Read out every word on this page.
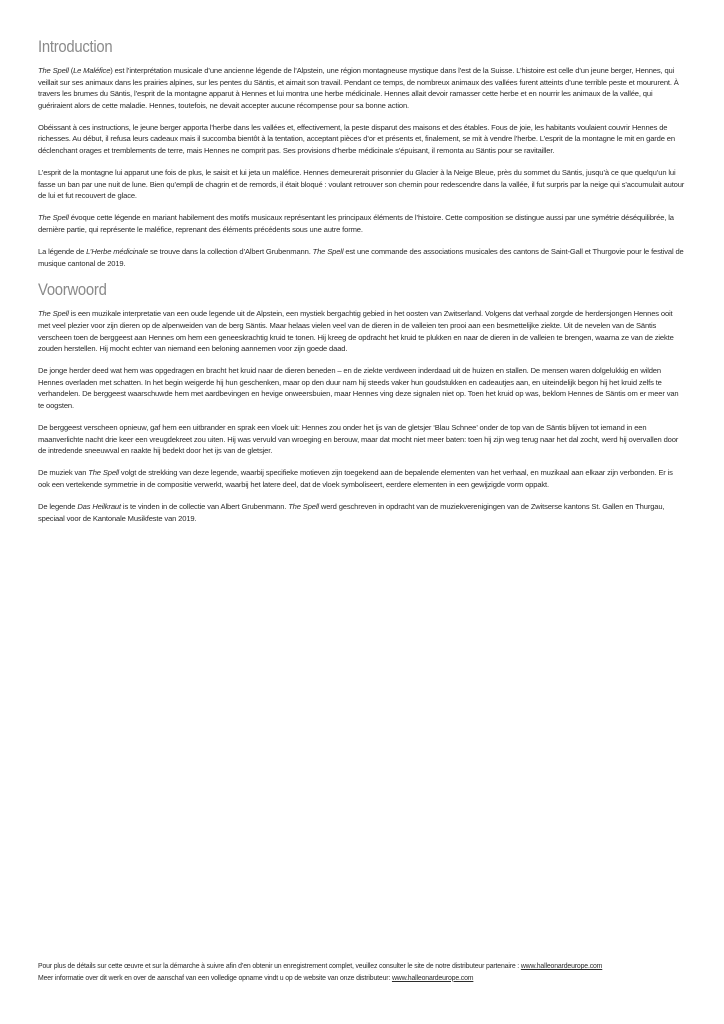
Introduction

The Spell (Le Maléfice) est l’interprétation musicale d’une ancienne légende de l’Alpstein, une région montagneuse mystique dans l’est de la Suisse. L’histoire est celle d’un jeune berger, Hennes, qui veillait sur ses animaux dans les prairies alpines, sur les pentes du Säntis, et aimait son travail. Pendant ce temps, de nombreux animaux des vallées furent atteints d’une terrible peste et moururent. À travers les brumes du Säntis, l’esprit de la montagne apparut à Hennes et lui montra une herbe médicinale. Hennes allait devoir ramasser cette herbe et en nourrir les animaux de la vallée, qui guériraient alors de cette maladie. Hennes, toutefois, ne devait accepter aucune récompense pour sa bonne action.

Obéissant à ces instructions, le jeune berger apporta l’herbe dans les vallées et, effectivement, la peste disparut des maisons et des étables. Fous de joie, les habitants voulaient couvrir Hennes de richesses. Au début, il refusa leurs cadeaux mais il succomba bientôt à la tentation, acceptant pièces d’or et présents et, finalement, se mit à vendre l’herbe. L’esprit de la montagne le mit en garde en déclenchant orages et tremblements de terre, mais Hennes ne comprit pas. Ses provisions d’herbe médicinale s’épuisant, il remonta au Säntis pour se ravitailler.

L’esprit de la montagne lui apparut une fois de plus, le saisit et lui jeta un maléfice. Hennes demeurerait prisonnier du Glacier à la Neige Bleue, près du sommet du Säntis, jusqu’à ce que quelqu’un lui fasse un ban par une nuit de lune. Bien qu’empli de chagrin et de remords, il était bloqué : voulant retrouver son chemin pour redescendre dans la vallée, il fut surpris par la neige qui s’accumulait autour de lui et fut recouvert de glace.

The Spell évoque cette légende en mariant habilement des motifs musicaux représentant les principaux éléments de l’histoire. Cette composition se distingue aussi par une symétrie déséquilibrée, la dernière partie, qui représente le maléfice, reprenant des éléments précédents sous une autre forme.

La légende de L’Herbe médicinale se trouve dans la collection d’Albert Grubenmann. The Spell est une commande des associations musicales des cantons de Saint-Gall et Thurgovie pour le festival de musique cantonal de 2019.

Voorwoord

The Spell is een muzikale interpretatie van een oude legende uit de Alpstein, een mystiek bergachtig gebied in het oosten van Zwitserland. Volgens dat verhaal zorgde de herdersjongen Hennes ooit met veel plezier voor zijn dieren op de alpenweiden van de berg Säntis. Maar helaas vielen veel van de dieren in de valleien ten prooi aan een besmettelijke ziekte. Uit de nevelen van de Säntis verscheen toen de berggeest aan Hennes om hem een geneeskrachtig kruid te tonen. Hij kreeg de opdracht het kruid te plukken en naar de dieren in de valleien te brengen, waarna ze van de ziekte zouden herstellen. Hij mocht echter van niemand een beloning aannemen voor zijn goede daad.

De jonge herder deed wat hem was opgedragen en bracht het kruid naar de dieren beneden – en de ziekte verdween inderdaad uit de huizen en stallen. De mensen waren dolgelukkig en wilden Hennes overladen met schatten. In het begin weigerde hij hun geschenken, maar op den duur nam hij steeds vaker hun goudstukken en cadeautjes aan, en uiteindelijk begon hij het kruid zelfs te verhandelen. De berggeest waarschuwde hem met aardbevingen en hevige onweersbuien, maar Hennes ving deze signalen niet op. Toen het kruid op was, beklom Hennes de Säntis om er meer van te oogsten.

De berggeest verscheen opnieuw, gaf hem een uitbrander en sprak een vloek uit: Hennes zou onder het ijs van de gletsjer ‘Blau Schnee’ onder de top van de Säntis blijven tot iemand in een maanverlichte nacht drie keer een vreugdekreet zou uiten. Hij was vervuld van wroeging en berouw, maar dat mocht niet meer baten: toen hij zijn weg terug naar het dal zocht, werd hij overvallen door de intredende sneeuwval en raakte hij bedekt door het ijs van de gletsjer.

De muziek van The Spell volgt de strekking van deze legende, waarbij specifieke motieven zijn toegekend aan de bepalende elementen van het verhaal, en muzikaal aan elkaar zijn verbonden. Er is ook een vertekende symmetrie in de compositie verwerkt, waarbij het latere deel, dat de vloek symboliseert, eerdere elementen in een gewijzigde vorm oppakt.

De legende Das Heilkraut is te vinden in de collectie van Albert Grubenmann. The Spell werd geschreven in opdracht van de muziekverenigingen van de Zwitserse kantons St. Gallen en Thurgau, speciaal voor de Kantonale Musikfeste van 2019.

Pour plus de détails sur cette œuvre et sur la démarche à suivre afin d’en obtenir un enregistrement complet, veuillez consulter le site de notre distributeur partenaire : www.halleonardeurope.com
Meer informatie over dit werk en over de aanschaf van een volledige opname vindt u op de website van onze distributeur: www.halleonardeurope.com
